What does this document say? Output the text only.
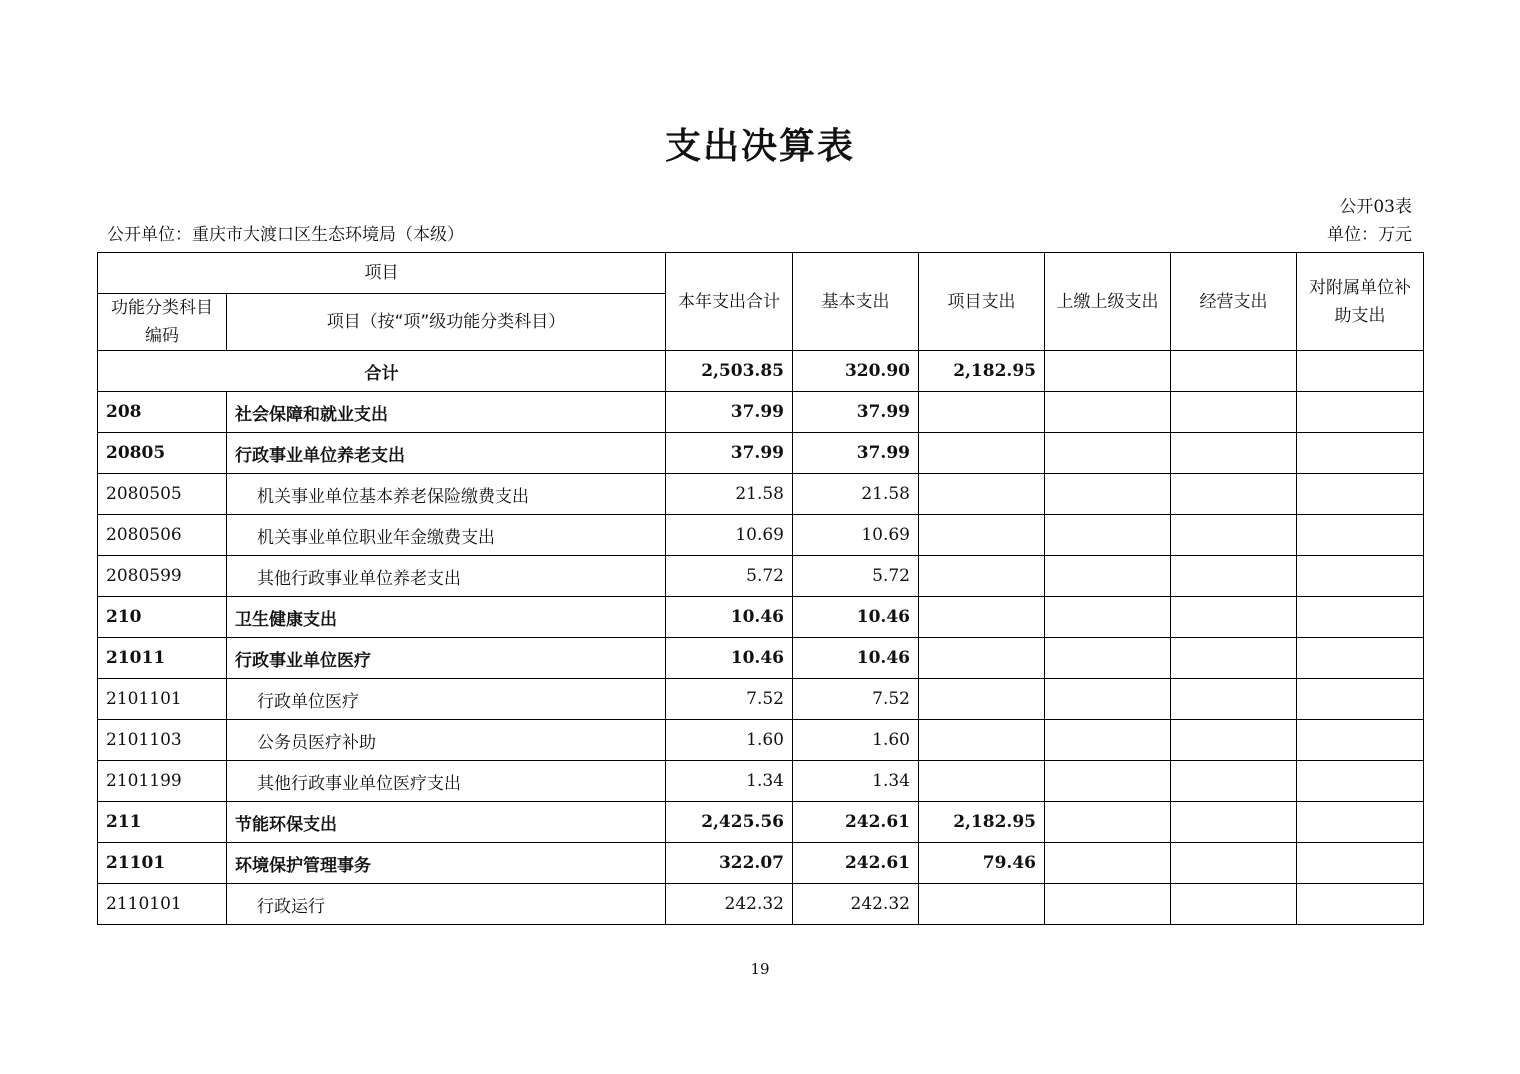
支出决算表
公开03表
公开单位：重庆市大渡口区生态环境局（本级）	单位：万元
项目		本年支出合计	基本支出	项目支出	上缴上级支出	经营支出	对附属单位补助支出
功能分类科目编码	项目（按“项”级功能分类科目）						
合计		2,503.85	320.90	2,182.95			
208	社会保障和就业支出	37.99	37.99				
20805	行政事业单位养老支出	37.99	37.99				
2080505	机关事业单位基本养老保险缴费支出	21.58	21.58				
2080506	机关事业单位职业年金缴费支出	10.69	10.69				
2080599	其他行政事业单位养老支出	5.72	5.72				
210	卫生健康支出	10.46	10.46				
21011	行政事业单位医疗	10.46	10.46				
2101101	行政单位医疗	7.52	7.52				
2101103	公务员医疗补助	1.60	1.60				
2101199	其他行政事业单位医疗支出	1.34	1.34				
211	节能环保支出	2,425.56	242.61	2,182.95			
21101	环境保护管理事务	322.07	242.61	79.46			
2110101	行政运行	242.32	242.32				
19
